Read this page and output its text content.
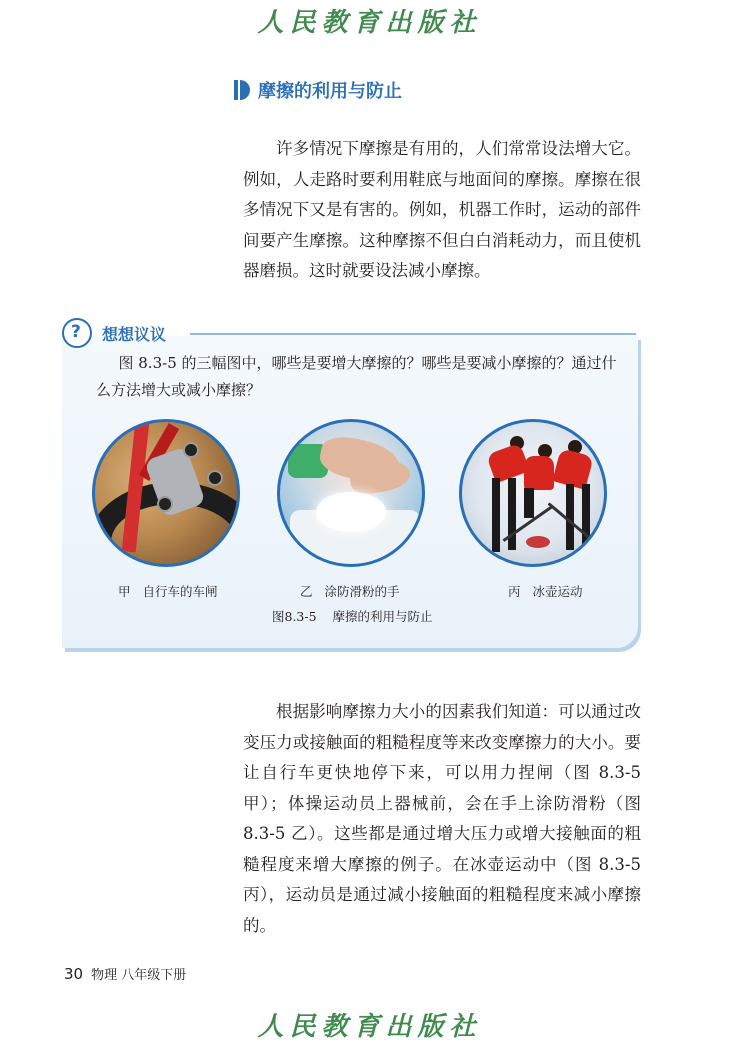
人民教育出版社
摩擦的利用与防止

许多情况下摩擦是有用的，人们常常设法增大它。例如，人走路时要利用鞋底与地面间的摩擦。摩擦在很多情况下又是有害的。例如，机器工作时，运动的部件间要产生摩擦。这种摩擦不但白白消耗动力，而且使机器磨损。这时就要设法减小摩擦。

? 想想议议

图 8.3-5 的三幅图中，哪些是要增大摩擦的？哪些是要减小摩擦的？通过什么方法增大或减小摩擦？

甲 自行车的车闸	乙 涂防滑粉的手	丙 冰壶运动
图8.3-5 摩擦的利用与防止

根据影响摩擦力大小的因素我们知道：可以通过改变压力或接触面的粗糙程度等来改变摩擦力的大小。要让自行车更快地停下来，可以用力捏闸（图 8.3-5 甲）；体操运动员上器械前，会在手上涂防滑粉（图 8.3-5 乙）。这些都是通过增大压力或增大接触面的粗糙程度来增大摩擦的例子。在冰壶运动中（图 8.3-5 丙），运动员是通过减小接触面的粗糙程度来减小摩擦的。

30 物理 八年级下册
人民教育出版社
